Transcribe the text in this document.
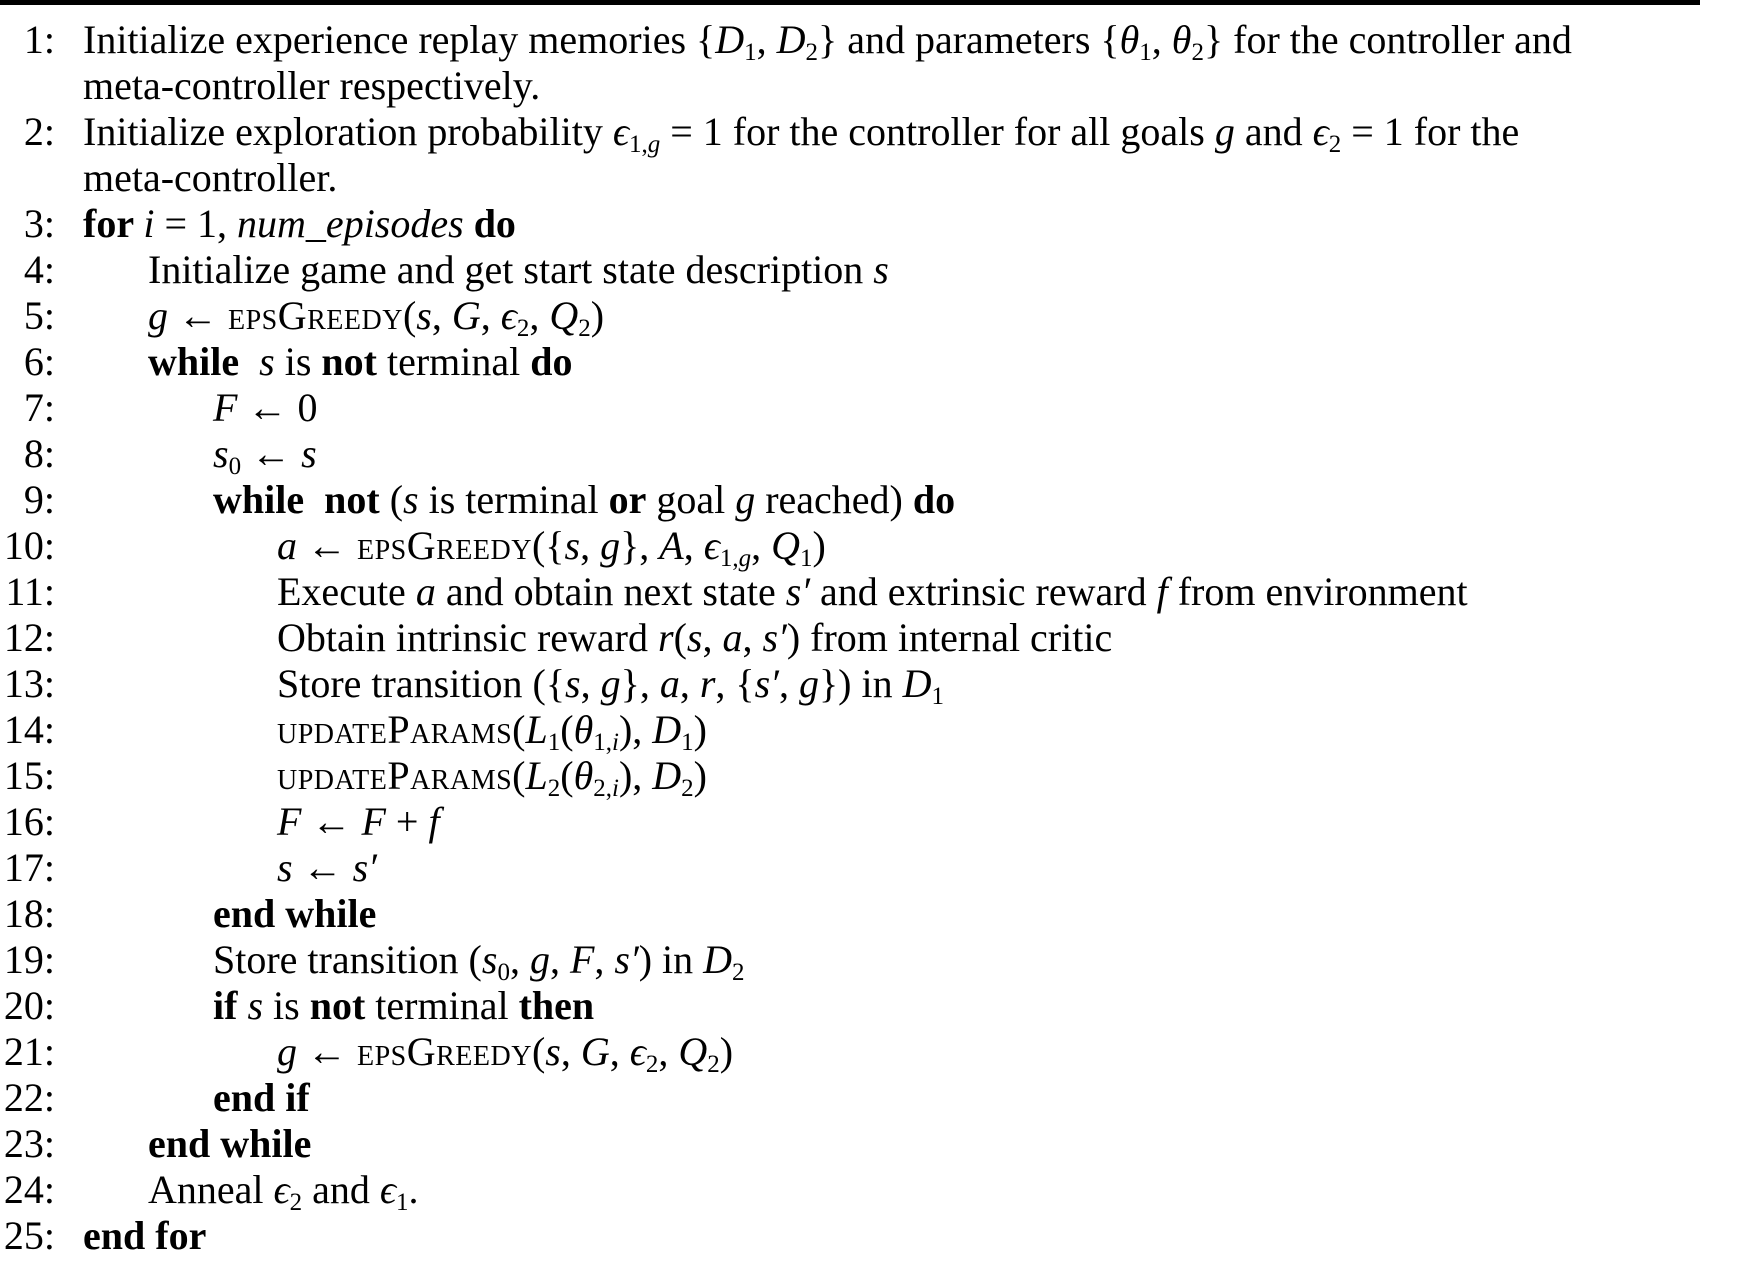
1: Initialize experience replay memories {D1, D2} and parameters {θ1, θ2} for the controller and
meta-controller respectively.
2: Initialize exploration probability ϵ1,g = 1 for the controller for all goals g and ϵ2 = 1 for the
meta-controller.
3: for i = 1, num_episodes do
4: Initialize game and get start state description s
5: g ← epsGreedy(s, G, ϵ2, Q2)
6: while s is not terminal do
7:	F ← 0
8:	s0 ← s
9:	while  not (s is terminal or goal g reached) do
10:	a ← epsGreedy({s, g}, A, ϵ1,g, Q1)
11:	Execute a and obtain next state s′ and extrinsic reward f from environment
12:	Obtain intrinsic reward r(s, a, s′) from internal critic
13:	Store transition ({s, g}, a, r, {s′, g}) in D1
14:	updateParams(L1(θ1,i), D1)
15:	updateParams(L2(θ2,i), D2)
16:	F ← F + f
17:	s ← s′
18:	end while
19:	Store transition (s0, g, F, s′) in D2
20:	if s is not terminal then
21:	g ← epsGreedy(s, G, ϵ2, Q2)
22:	end if
23: end while
24: Anneal ϵ2 and ϵ1.
25: end for
